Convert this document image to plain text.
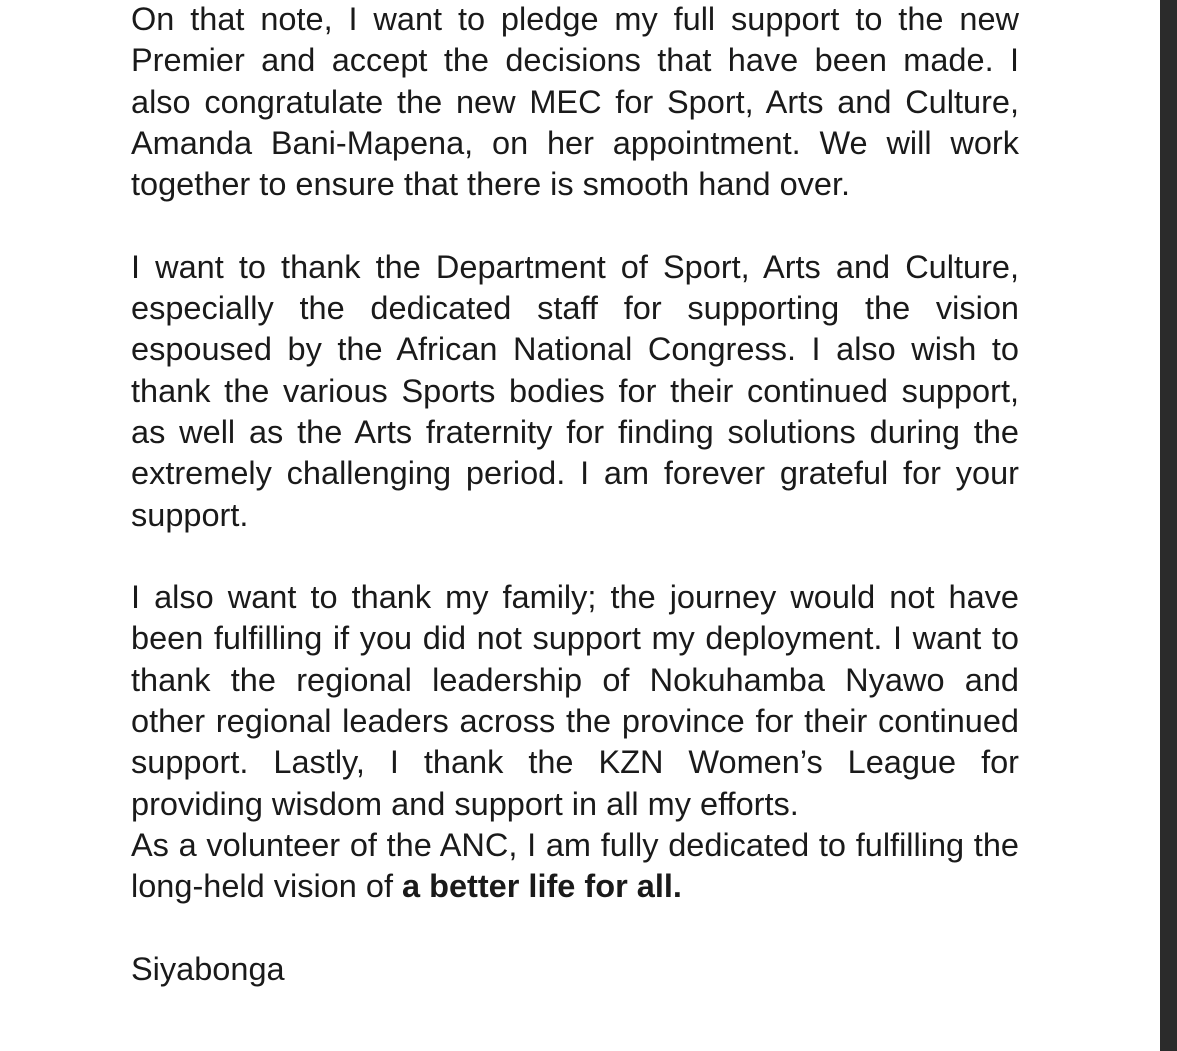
On that note, I want to pledge my full support to the new Premier and accept the decisions that have been made. I also congratulate the new MEC for Sport, Arts and Culture, Amanda Bani-Mapena, on her appointment. We will work together to ensure that there is smooth hand over.

I want to thank the Department of Sport, Arts and Culture, especially the dedicated staff for supporting the vision espoused by the African National Congress. I also wish to thank the various Sports bodies for their continued support, as well as the Arts fraternity for finding solutions during the extremely challenging period. I am forever grateful for your support.

I also want to thank my family; the journey would not have been fulfilling if you did not support my deployment. I want to thank the regional leadership of Nokuhamba Nyawo and other regional leaders across the province for their continued support. Lastly, I thank the KZN Women’s League for providing wisdom and support in all my efforts.

As a volunteer of the ANC, I am fully dedicated to fulfilling the long-held vision of a better life for all.

Siyabonga
